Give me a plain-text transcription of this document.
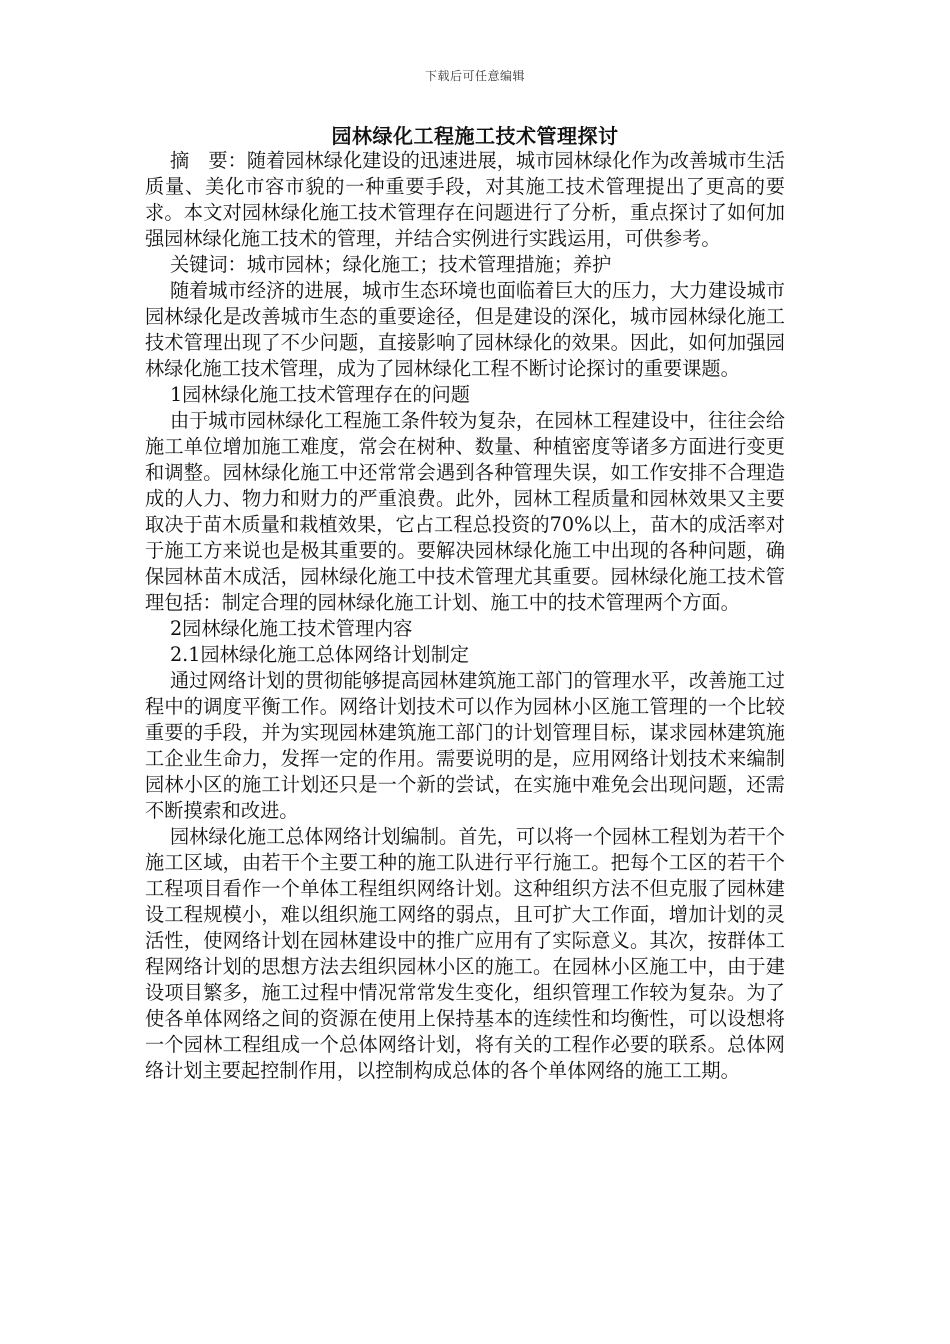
下载后可任意编辑
园林绿化工程施工技术管理探讨

摘　要：随着园林绿化建设的迅速进展，城市园林绿化作为改善城市生活质量、美化市容市貌的一种重要手段，对其施工技术管理提出了更高的要求。本文对园林绿化施工技术管理存在问题进行了分析，重点探讨了如何加强园林绿化施工技术的管理，并结合实例进行实践运用，可供参考。

关键词：城市园林；绿化施工；技术管理措施；养护

随着城市经济的进展，城市生态环境也面临着巨大的压力，大力建设城市园林绿化是改善城市生态的重要途径，但是建设的深化，城市园林绿化施工技术管理出现了不少问题，直接影响了园林绿化的效果。因此，如何加强园林绿化施工技术管理，成为了园林绿化工程不断讨论探讨的重要课题。

1园林绿化施工技术管理存在的问题

由于城市园林绿化工程施工条件较为复杂，在园林工程建设中，往往会给施工单位增加施工难度，常会在树种、数量、种植密度等诸多方面进行变更和调整。园林绿化施工中还常常会遇到各种管理失误，如工作安排不合理造成的人力、物力和财力的严重浪费。此外，园林工程质量和园林效果又主要取决于苗木质量和栽植效果，它占工程总投资的70%以上，苗木的成活率对于施工方来说也是极其重要的。要解决园林绿化施工中出现的各种问题，确保园林苗木成活，园林绿化施工中技术管理尤其重要。园林绿化施工技术管理包括：制定合理的园林绿化施工计划、施工中的技术管理两个方面。

2园林绿化施工技术管理内容

2.1园林绿化施工总体网络计划制定

通过网络计划的贯彻能够提高园林建筑施工部门的管理水平，改善施工过程中的调度平衡工作。网络计划技术可以作为园林小区施工管理的一个比较重要的手段，并为实现园林建筑施工部门的计划管理目标，谋求园林建筑施工企业生命力，发挥一定的作用。需要说明的是，应用网络计划技术来编制园林小区的施工计划还只是一个新的尝试，在实施中难免会出现问题，还需不断摸索和改进。

园林绿化施工总体网络计划编制。首先，可以将一个园林工程划为若干个施工区域，由若干个主要工种的施工队进行平行施工。把每个工区的若干个工程项目看作一个单体工程组织网络计划。这种组织方法不但克服了园林建设工程规模小，难以组织施工网络的弱点，且可扩大工作面，增加计划的灵活性，使网络计划在园林建设中的推广应用有了实际意义。其次，按群体工程网络计划的思想方法去组织园林小区的施工。在园林小区施工中，由于建设项目繁多，施工过程中情况常常发生变化，组织管理工作较为复杂。为了使各单体网络之间的资源在使用上保持基本的连续性和均衡性，可以设想将一个园林工程组成一个总体网络计划，将有关的工程作必要的联系。总体网络计划主要起控制作用，以控制构成总体的各个单体网络的施工工期。
